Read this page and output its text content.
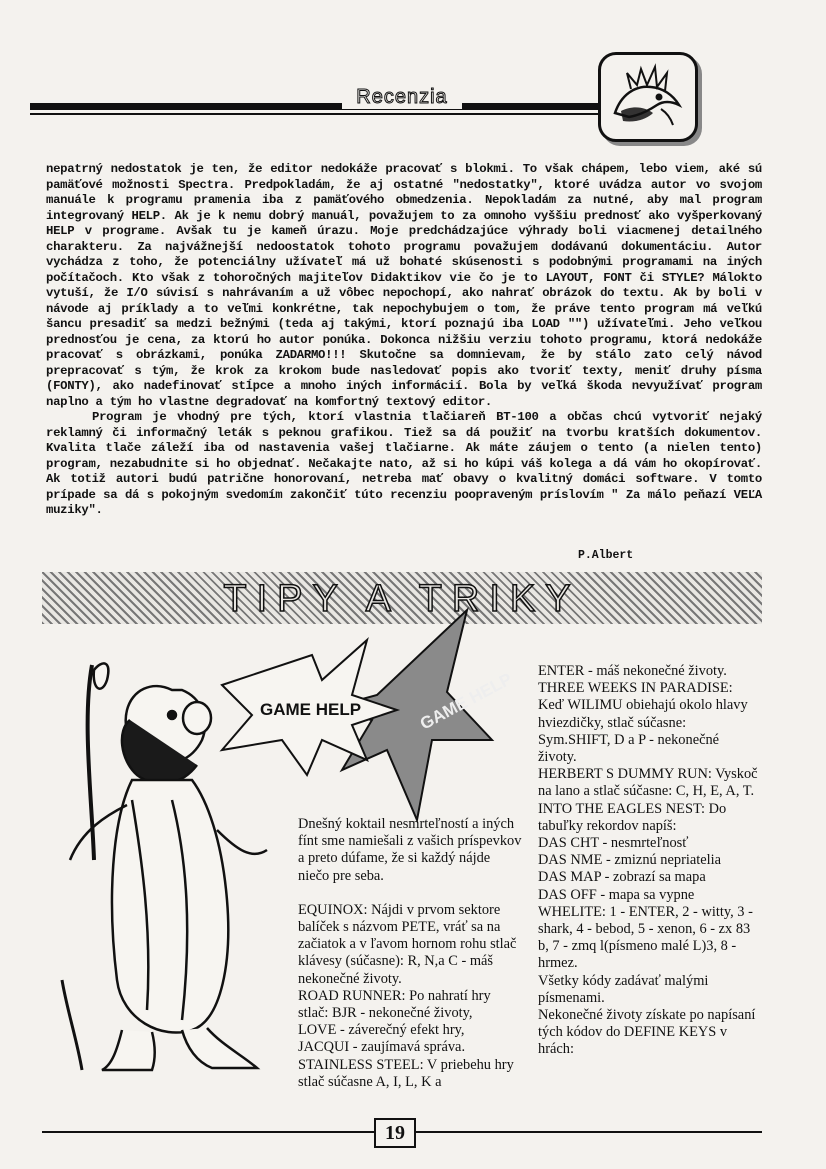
Recenzia

nepatrný nedostatok je ten, že editor nedokáže pracovať s blokmi. To však chápem, lebo viem, aké sú pamäťové možnosti Spectra. Predpokladám, že aj ostatné "nedostatky", ktoré uvádza autor vo svojom manuále k programu pramenia iba z pamäťového obmedzenia. Nepokladám za nutné, aby mal program integrovaný HELP. Ak je k nemu dobrý manuál, považujem to za omnoho vyššiu prednosť ako vyšperkovaný HELP v programe. Avšak tu je kameň úrazu. Moje predchádzajúce výhrady boli viacmenej detailného charakteru. Za najvážnejší nedoostatok tohoto programu považujem dodávanú dokumentáciu. Autor vychádza z toho, že potenciálny užívateľ má už bohaté skúsenosti s podobnými programami na iných počítačoch. Kto však z tohoročných majiteľov Didaktikov vie čo je to LAYOUT, FONT či STYLE? Málokto vytuší, že I/O súvisí s nahrávaním a už vôbec nepochopí, ako nahrať obrázok do textu. Ak by boli v návode aj príklady a to veľmi konkrétne, tak nepochybujem o tom, že práve tento program má veľkú šancu presadiť sa medzi bežnými (teda aj takými, ktorí poznajú iba LOAD "") užívateľmi. Jeho veľkou prednosťou je cena, za ktorú ho autor ponúka. Dokonca nižšiu verziu tohoto programu, ktorá nedokáže pracovať s obrázkami, ponúka ZADARMO!!! Skutočne sa domnievam, že by stálo zato celý návod prepracovať s tým, že krok za krokom bude nasledovať popis ako tvoriť texty, meniť druhy písma (FONTY), ako nadefinovať stĺpce a mnoho iných informácií. Bola by veľká škoda nevyužívať program naplno a tým ho vlastne degradovať na komfortný textový editor.

Program je vhodný pre tých, ktorí vlastnia tlačiareň BT-100 a občas chcú vytvoriť nejaký reklamný či informačný leták s peknou grafikou. Tiež sa dá použiť na tvorbu kratších dokumentov. Kvalita tlače záleží iba od nastavenia vašej tlačiarne. Ak máte záujem o tento (a nielen tento) program, nezabudnite si ho objednať. Nečakajte nato, až si ho kúpi váš kolega a dá vám ho okopírovať. Ak totiž autori budú patrične honorovaní, netreba mať obavy o kvalitný domáci software. V tomto prípade sa dá s pokojným svedomím zakončiť túto recenziu poopraveným príslovím " Za málo peňazí VEĽA muziky".

P.Albert
TIPY A TRIKY
GAME HELP
GAME HELP

Dnešný koktail nesmrteľností a iných fínt sme namiešali z vašich príspevkov a preto dúfame, že si každý nájde niečo pre seba.

EQUINOX: Nájdi v prvom sektore balíček s názvom PETE, vráť sa na začiatok a v ľavom hornom rohu stlač klávesy (súčasne): R, N,a C - máš nekonečné životy.

ROAD RUNNER: Po nahratí hry stlač: BJR - nekonečné životy,

LOVE - záverečný efekt hry,

JACQUI - zaujímavá správa.

STAINLESS STEEL: V priebehu hry stlač súčasne A, I, L, K a

ENTER - máš nekonečné životy.

THREE WEEKS IN PARADISE: Keď WILIMU obiehajú okolo hlavy hviezdičky, stlač súčasne: Sym.SHIFT, D a P - nekonečné životy.

HERBERT S DUMMY RUN: Vyskoč na lano a stlač súčasne: C, H, E, A, T.

INTO THE EAGLES NEST: Do tabuľky rekordov napíš:

DAS CHT - nesmrteľnosť

DAS NME - zmiznú nepriatelia

DAS MAP - zobrazí sa mapa

DAS OFF - mapa sa vypne

WHELITE: 1 - ENTER, 2 - witty, 3 - shark, 4 - bebod, 5 - xenon, 6 - zx 83 b, 7 - zmq l(písmeno malé L)3, 8 - hrmez.

Všetky kódy zadávať malými písmenami.

Nekonečné životy získate po napísaní tých kódov do DEFINE KEYS v hrách:

19
